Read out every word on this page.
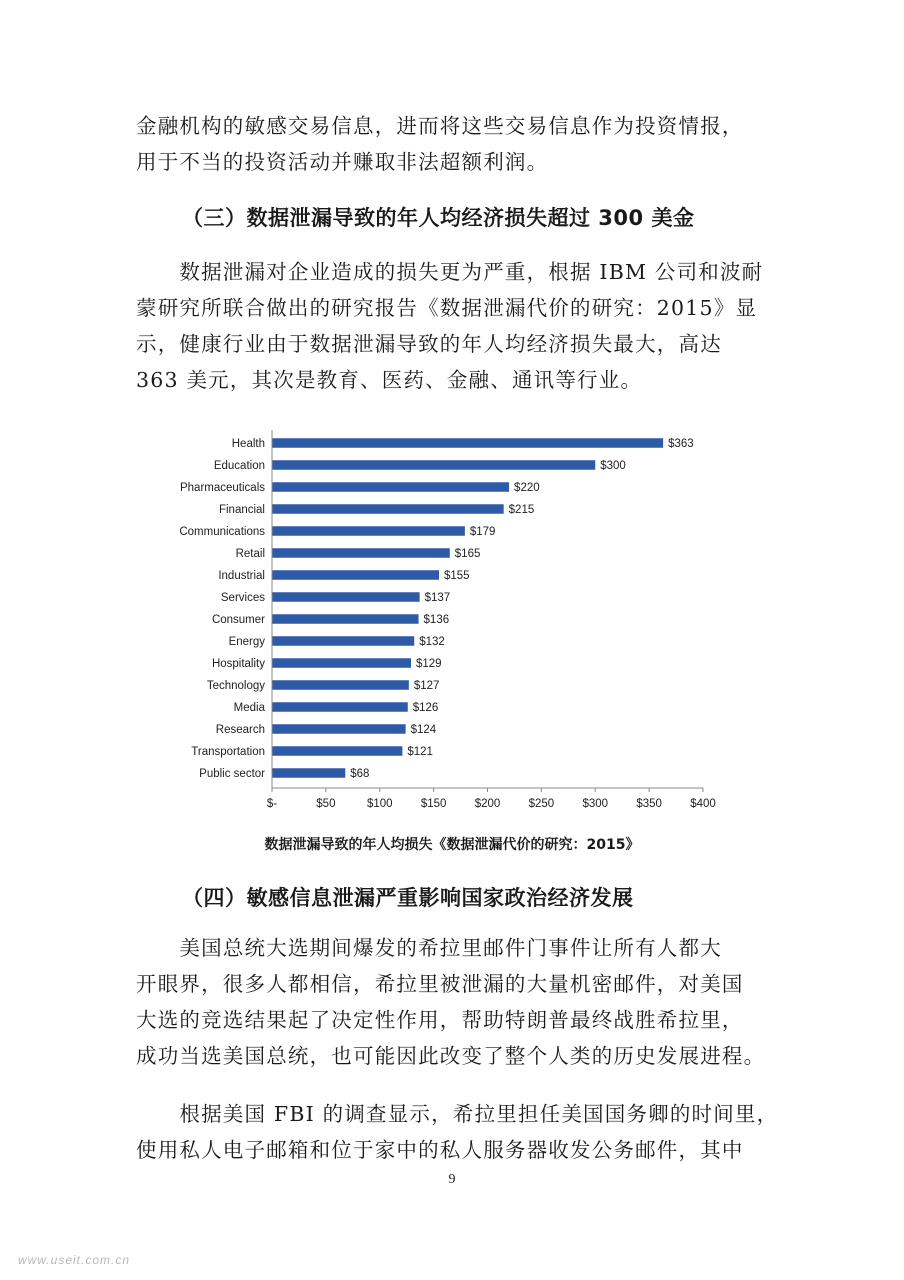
金融机构的敏感交易信息，进而将这些交易信息作为投资情报，
用于不当的投资活动并赚取非法超额利润。

（三）数据泄漏导致的年人均经济损失超过 300 美金

　　数据泄漏对企业造成的损失更为严重，根据 IBM 公司和波耐
蒙研究所联合做出的研究报告《数据泄漏代价的研究：2015》显
示，健康行业由于数据泄漏导致的年人均经济损失最大，高达
363 美元，其次是教育、医药、金融、通讯等行业。

Health
Education
Pharmaceuticals
Financial
Communications
Retail
Industrial
Services
Consumer
Energy
Hospitality
Technology
Media
Research
Transportation
Public sector
$363
$300
$220
$215
$179
$165
$155
$137
$136
$132
$129
$127
$126
$124
$121
$68
$-	$50	$100 $150 $200 $250 $300 $350 $400
数据泄漏导致的年人均损失《数据泄漏代价的研究：2015》
（四）敏感信息泄漏严重影响国家政治经济发展

　　美国总统大选期间爆发的希拉里邮件门事件让所有人都大
开眼界，很多人都相信，希拉里被泄漏的大量机密邮件，对美国
大选的竞选结果起了决定性作用，帮助特朗普最终战胜希拉里，
成功当选美国总统，也可能因此改变了整个人类的历史发展进程。

　　根据美国 FBI 的调查显示，希拉里担任美国国务卿的时间里，
使用私人电子邮箱和位于家中的私人服务器收发公务邮件，其中

9
www.useit.com.cn
